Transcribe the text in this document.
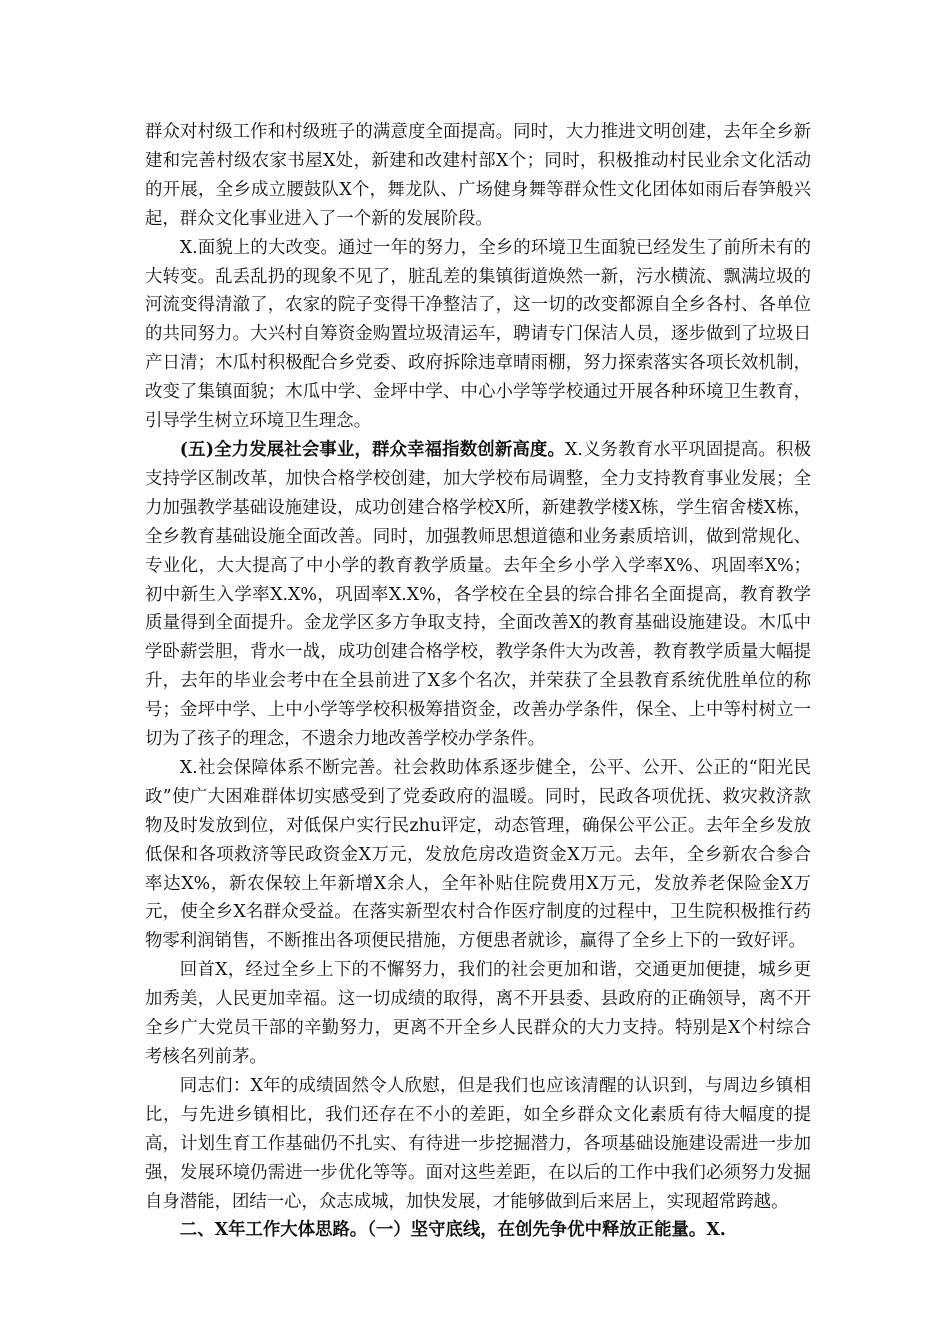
群众对村级工作和村级班子的满意度全面提高。同时，大力推进文明创建，去年全乡新建和完善村级农家书屋X处，新建和改建村部X个；同时，积极推动村民业余文化活动的开展，全乡成立腰鼓队X个，舞龙队、广场健身舞等群众性文化团体如雨后春笋般兴起，群众文化事业进入了一个新的发展阶段。

X.面貌上的大改变。通过一年的努力，全乡的环境卫生面貌已经发生了前所未有的大转变。乱丢乱扔的现象不见了，脏乱差的集镇街道焕然一新，污水横流、飘满垃圾的河流变得清澈了，农家的院子变得干净整洁了，这一切的改变都源自全乡各村、各单位的共同努力。大兴村自筹资金购置垃圾清运车，聘请专门保洁人员，逐步做到了垃圾日产日清；木瓜村积极配合乡党委、政府拆除违章晴雨棚，努力探索落实各项长效机制，改变了集镇面貌；木瓜中学、金坪中学、中心小学等学校通过开展各种环境卫生教育，引导学生树立环境卫生理念。

(五)全力发展社会事业，群众幸福指数创新高度。X.义务教育水平巩固提高。积极支持学区制改革，加快合格学校创建，加大学校布局调整，全力支持教育事业发展；全力加强教学基础设施建设，成功创建合格学校X所，新建教学楼X栋，学生宿舍楼X栋，全乡教育基础设施全面改善。同时，加强教师思想道德和业务素质培训，做到常规化、专业化，大大提高了中小学的教育教学质量。去年全乡小学入学率X%、巩固率X%；初中新生入学率X.X%，巩固率X.X%，各学校在全县的综合排名全面提高，教育教学质量得到全面提升。金龙学区多方争取支持，全面改善X的教育基础设施建设。木瓜中学卧薪尝胆，背水一战，成功创建合格学校，教学条件大为改善，教育教学质量大幅提升，去年的毕业会考中在全县前进了X多个名次，并荣获了全县教育系统优胜单位的称号；金坪中学、上中小学等学校积极筹措资金，改善办学条件，保全、上中等村树立一切为了孩子的理念，不遗余力地改善学校办学条件。

X.社会保障体系不断完善。社会救助体系逐步健全，公平、公开、公正的“阳光民政”使广大困难群体切实感受到了党委政府的温暖。同时，民政各项优抚、救灾救济款物及时发放到位，对低保户实行民zhu评定，动态管理，确保公平公正。去年全乡发放低保和各项救济等民政资金X万元，发放危房改造资金X万元。去年，全乡新农合参合率达X%，新农保较上年新增X余人，全年补贴住院费用X万元，发放养老保险金X万元，使全乡X名群众受益。在落实新型农村合作医疗制度的过程中，卫生院积极推行药物零利润销售，不断推出各项便民措施，方便患者就诊，赢得了全乡上下的一致好评。

回首X，经过全乡上下的不懈努力，我们的社会更加和谐，交通更加便捷，城乡更加秀美，人民更加幸福。这一切成绩的取得，离不开县委、县政府的正确领导，离不开全乡广大党员干部的辛勤努力，更离不开全乡人民群众的大力支持。特别是X个村综合考核名列前茅。

同志们：X年的成绩固然令人欣慰，但是我们也应该清醒的认识到，与周边乡镇相比，与先进乡镇相比，我们还存在不小的差距，如全乡群众文化素质有待大幅度的提高，计划生育工作基础仍不扎实、有待进一步挖掘潜力，各项基础设施建设需进一步加强，发展环境仍需进一步优化等等。面对这些差距，在以后的工作中我们必须努力发掘自身潜能，团结一心，众志成城，加快发展，才能够做到后来居上，实现超常跨越。

二、X年工作大体思路。（一）坚守底线，在创先争优中释放正能量。X.
